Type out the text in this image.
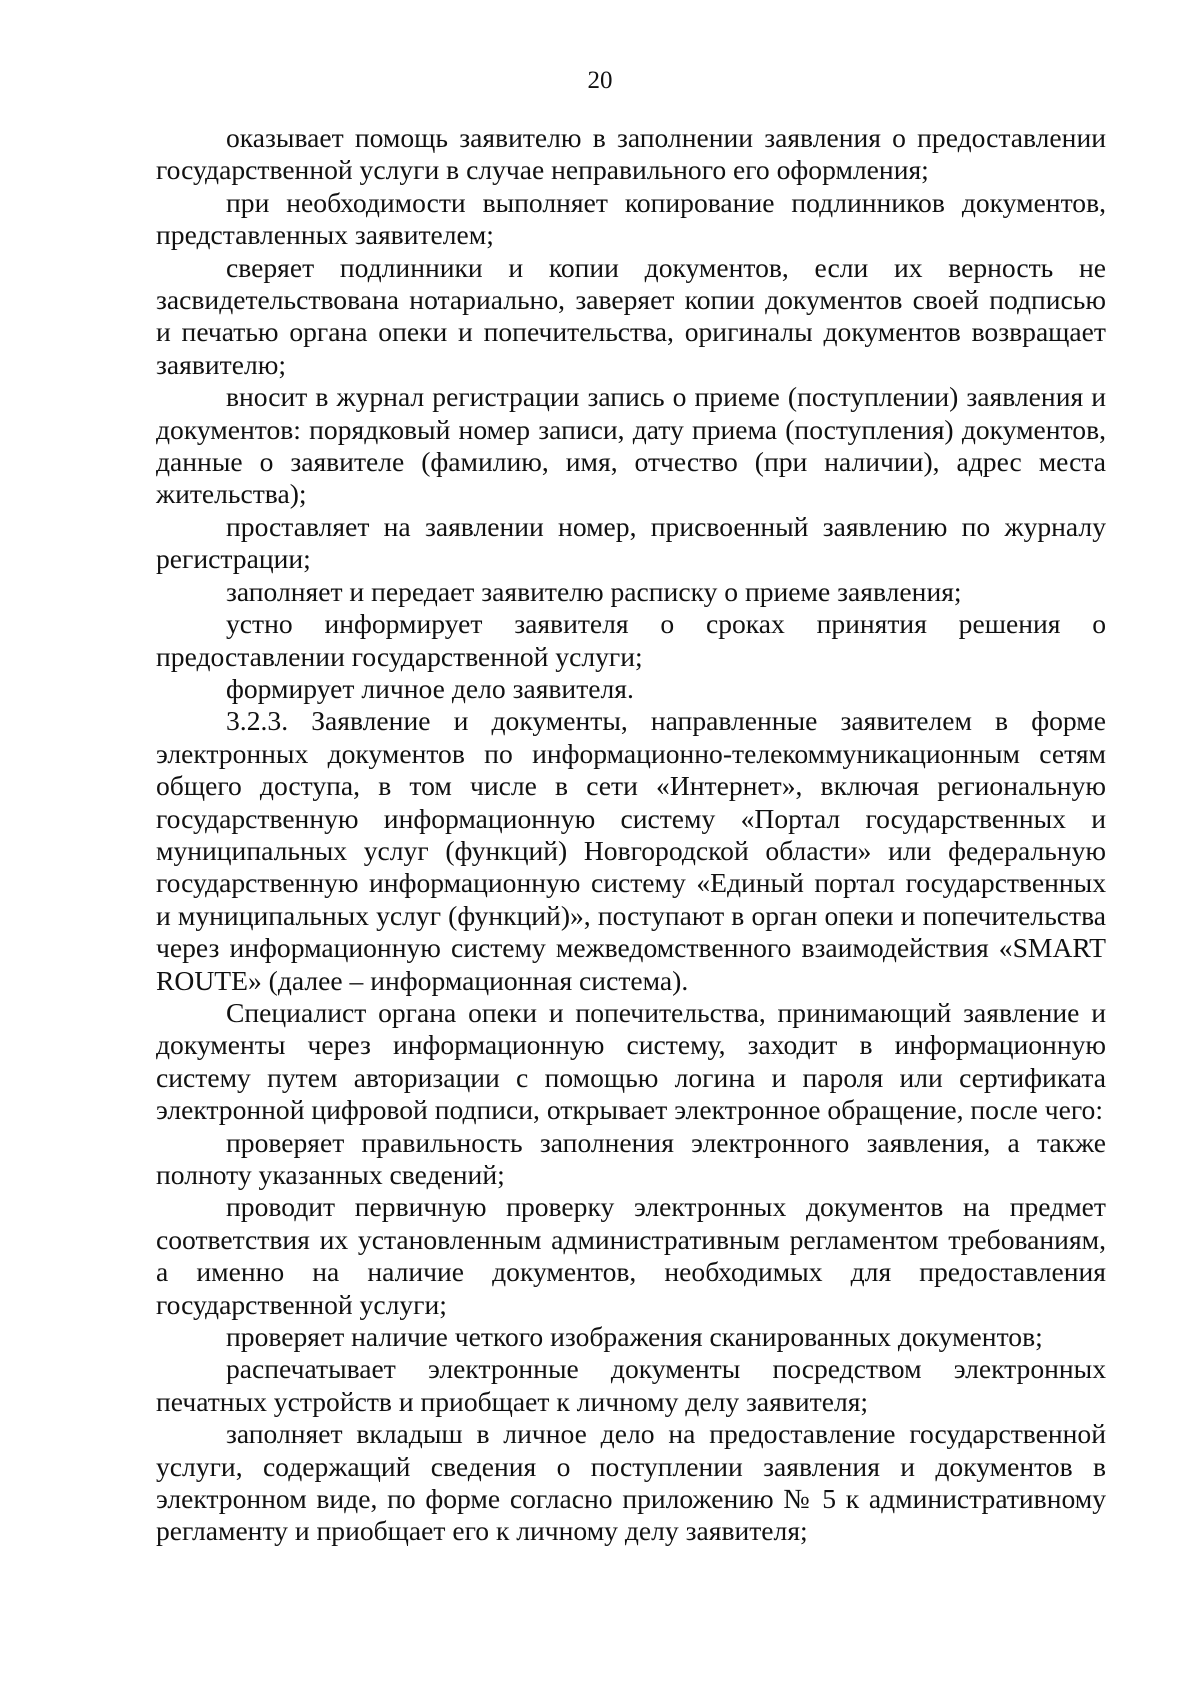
20

оказывает помощь заявителю в заполнении заявления о предоставлении государственной услуги в случае неправильного его оформления;

при необходимости выполняет копирование подлинников документов, представленных заявителем;

сверяет подлинники и копии документов, если их верность не засвидетельствована нотариально, заверяет копии документов своей подписью и печатью органа опеки и попечительства, оригиналы документов возвращает заявителю;

вносит в журнал регистрации запись о приеме (поступлении) заявления и документов: порядковый номер записи, дату приема (поступления) документов, данные о заявителе (фамилию, имя, отчество (при наличии), адрес места жительства);

проставляет на заявлении номер, присвоенный заявлению по журналу регистрации;

заполняет и передает заявителю расписку о приеме заявления;

устно информирует заявителя о сроках принятия решения о предоставлении государственной услуги;

формирует личное дело заявителя.

3.2.3. Заявление и документы, направленные заявителем в форме электронных документов по информационно-телекоммуникационным сетям общего доступа, в том числе в сети «Интернет», включая региональную государственную информационную систему «Портал государственных и муниципальных услуг (функций) Новгородской области» или федеральную государственную информационную систему «Единый портал государственных и муниципальных услуг (функций)», поступают в орган опеки и попечительства через информационную систему межведомственного взаимодействия «SMART ROUTE» (далее – информационная система).

Специалист органа опеки и попечительства, принимающий заявление и документы через информационную систему, заходит в информационную систему путем авторизации с помощью логина и пароля или сертификата электронной цифровой подписи, открывает электронное обращение, после чего:

проверяет правильность заполнения электронного заявления, а также полноту указанных сведений;

проводит первичную проверку электронных документов на предмет соответствия их установленным административным регламентом требованиям, а именно на наличие документов, необходимых для предоставления государственной услуги;

проверяет наличие четкого изображения сканированных документов;

распечатывает электронные документы посредством электронных печатных устройств и приобщает к личному делу заявителя;

заполняет вкладыш в личное дело на предоставление государственной услуги, содержащий сведения о поступлении заявления и документов в электронном виде, по форме согласно приложению № 5 к административному регламенту и приобщает его к личному делу заявителя;
